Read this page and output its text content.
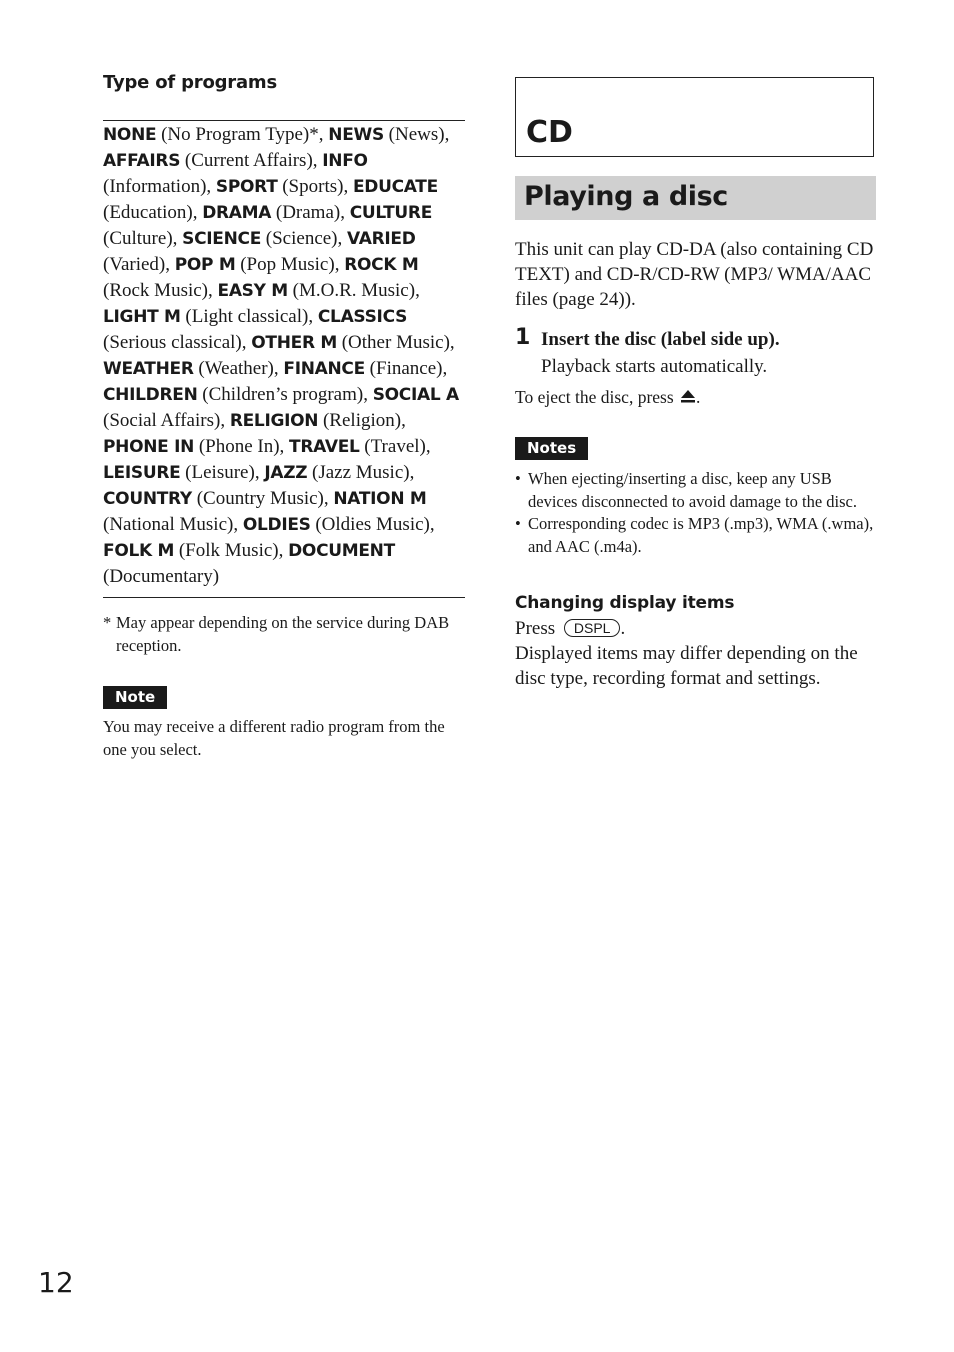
Type of programs
NONE (No Program Type)*, NEWS (News), AFFAIRS (Current Affairs), INFO (Information), SPORT (Sports), EDUCATE (Education), DRAMA (Drama), CULTURE (Culture), SCIENCE (Science), VARIED (Varied), POP M (Pop Music), ROCK M (Rock Music), EASY M (M.O.R. Music), LIGHT M (Light classical), CLASSICS (Serious classical), OTHER M (Other Music), WEATHER (Weather), FINANCE (Finance), CHILDREN (Children’s program), SOCIAL A (Social Affairs), RELIGION (Religion), PHONE IN (Phone In), TRAVEL (Travel), LEISURE (Leisure), JAZZ (Jazz Music), COUNTRY (Country Music), NATION M (National Music), OLDIES (Oldies Music), FOLK M (Folk Music), DOCUMENT (Documentary)
* May appear depending on the service during DAB reception.
Note
You may receive a different radio program from the one you select.
CD
Playing a disc
This unit can play CD-DA (also containing CD TEXT) and CD-R/CD-RW (MP3/ WMA/AAC files (page 24)).
1 Insert the disc (label side up).
Playback starts automatically.
To eject the disc, press .
Notes
• When ejecting/inserting a disc, keep any USB devices disconnected to avoid damage to the disc.
• Corresponding codec is MP3 (.mp3), WMA (.wma), and AAC (.m4a).
Changing display items
Press DSPL .
Displayed items may differ depending on the disc type, recording format and settings.
12
